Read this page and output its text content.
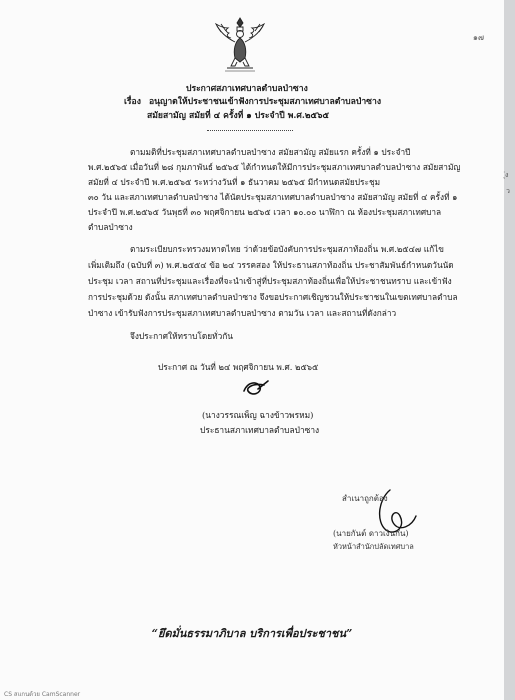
๑๗
ประกาศสภาเทศบาลตำบลป่าซาง
เรื่อง อนุญาตให้ประชาชนเข้าฟังการประชุมสภาเทศบาลตำบลป่าซาง
สมัยสามัญ สมัยที่ ๔ ครั้งที่ ๑ ประจำปี พ.ศ.๒๕๖๕
ตามมติที่ประชุมสภาเทศบาลตำบลป่าซาง สมัยสามัญ สมัยแรก ครั้งที่ ๑ ประจำปี
พ.ศ.๒๕๖๕ เมื่อวันที่ ๒๘ กุมภาพันธ์ ๒๕๖๕ ได้กำหนดให้มีการประชุมสภาเทศบาลตำบลป่าซาง สมัยสามัญ
สมัยที่ ๔ ประจำปี พ.ศ.๒๕๖๕ ระหว่างวันที่ ๑ ธันวาคม ๒๕๖๕ มีกำหนดสมัยประชุม
๓๐ วัน และสภาเทศบาลตำบลป่าซาง ได้นัดประชุมสภาเทศบาลตำบลป่าซาง สมัยสามัญ สมัยที่ ๔ ครั้งที่ ๑
ประจำปี พ.ศ.๒๕๖๕ วันพุธที่ ๓๐ พฤศจิกายน ๒๕๖๕ เวลา ๑๐.๐๐ นาฬิกา ณ ห้องประชุมสภาเทศบาล
ตำบลป่าซาง
ตามระเบียบกระทรวงมหาดไทย ว่าด้วยข้อบังคับการประชุมสภาท้องถิ่น พ.ศ.๒๕๔๗ แก้ไข
เพิ่มเติมถึง (ฉบับที่ ๓) พ.ศ.๒๕๕๔ ข้อ ๒๔ วรรคสอง ให้ประธานสภาท้องถิ่น ประชาสัมพันธ์กำหนดวันนัด
ประชุม เวลา สถานที่ประชุมและเรื่องที่จะนำเข้าสู่ที่ประชุมสภาท้องถิ่นเพื่อให้ประชาชนทราบ และเข้าฟัง
การประชุมด้วย ดังนั้น สภาเทศบาลตำบลป่าซาง จึงขอประกาศเชิญชวนให้ประชาชนในเขตเทศบาลตำบล
ป่าซาง เข้ารับฟังการประชุมสภาเทศบาลตำบลป่าซาง ตามวัน เวลา และสถานที่ดังกล่าว
จึงประกาศให้ทราบโดยทั่วกัน
ประกาศ ณ วันที่ ๒๔ พฤศจิกายน พ.ศ. ๒๕๖๕
(นางวรรณเพ็ญ ฉางข้าวพรหม)
ประธานสภาเทศบาลตำบลป่าซาง
สำเนาถูกต้อง
(นายกันต์ ดาวเงินกัน)
หัวหน้าสำนักปลัดเทศบาล
“ยึดมั่นธรรมาภิบาล บริการเพื่อประชาชน”
CS สแกนด้วย CamScanner
ุ่ง
ว
